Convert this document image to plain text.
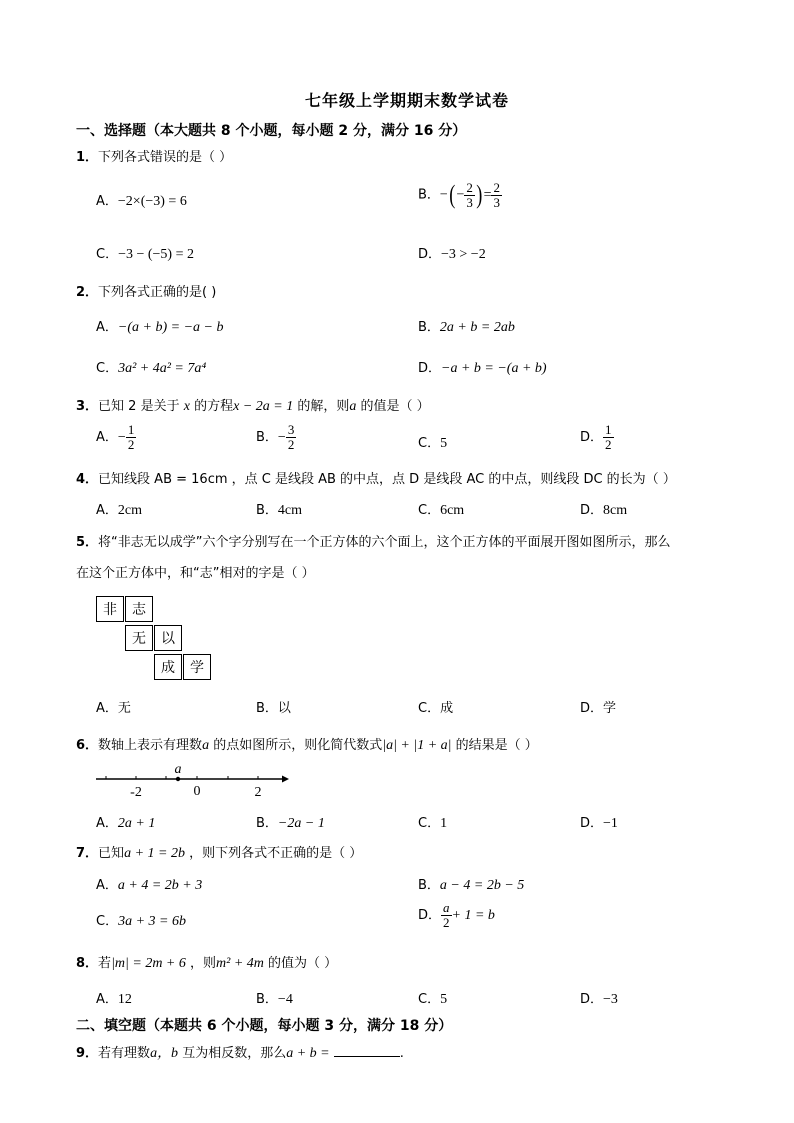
七年级上学期期末数学试卷
一、选择题（本大题共 8 个小题，每小题 2 分，满分 16 分）
1．下列各式错误的是（ ）
A．−2×(−3) = 6	B．−(− $\frac{2}{3}$ )= $\frac{2}{3}$
C．−3 − (−5) = 2	D．−3 > −2
2．下列各式正确的是( )
A．−(a + b) = −a − b	B．2a + b = 2ab
C．3a² + 4a² = 7a⁴	D．−a + b = −(a + b)
3．已知 2 是关于 x 的方程x − 2a = 1 的解，则a 的值是（ ）
A．− $\frac{1}{2}$	B．− $\frac{3}{2}$	C．5	D． $\frac{1}{2}$
4．已知线段 AB = 16cm ，点 C 是线段 AB 的中点，点 D 是线段 AC 的中点，则线段 DC 的长为（ ）
A．2cm	B．4cm	C．6cm	D．8cm
5．将“非志无以成学”六个字分别写在一个正方体的六个面上，这个正方体的平面展开图如图所示，那么
在这个正方体中，和“志”相对的字是（ ）
非	志
无	以
成	学
A．无	B．以	C．成	D．学
6．数轴上表示有理数a 的点如图所示，则化简代数式|a| + |1 + a| 的结果是（ ）
a
-2	0	2
A．2a + 1	B．−2a − 1	C．1	D．−1
7．已知a + 1 = 2b ，则下列各式不正确的是（ ）
A．a + 4 = 2b + 3	B．a − 4 = 2b − 5
C．3a + 3 = 6b	D． $\frac{a}{2} + 1 = b$
8．若|m| = 2m + 6 ，则m² + 4m 的值为（ ）
A．12	B．−4	C．5	D．−3
二、填空题（本题共 6 个小题，每小题 3 分，满分 18 分）
9．若有理数a，b 互为相反数，那么a + b =	.
